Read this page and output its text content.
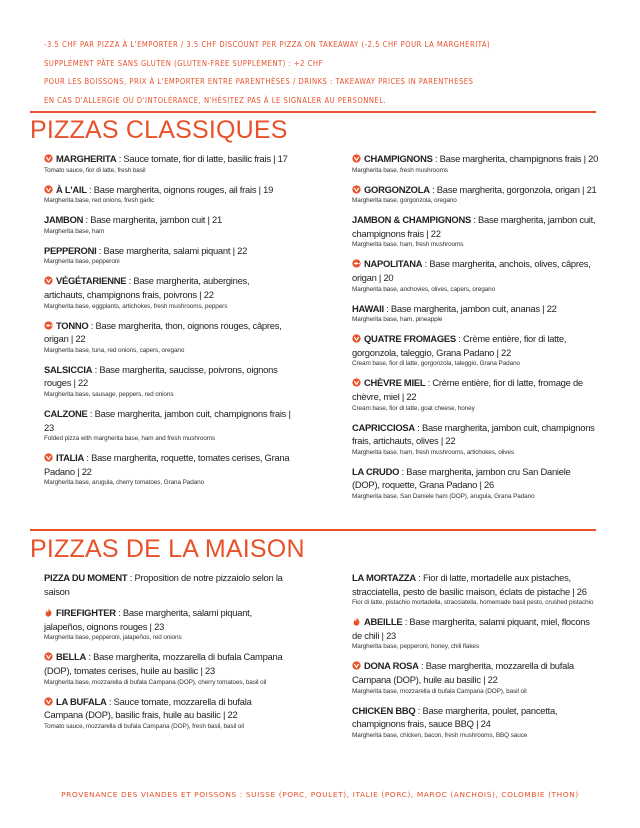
-3.5 CHF PAR PIZZA À L'EMPORTER / 3.5 CHF DISCOUNT PER PIZZA ON TAKEAWAY (-2.5 CHF POUR LA MARGHERITA)
SUPPLÉMENT PÂTE SANS GLUTEN (GLUTEN-FREE SUPPLEMENT) : +2 CHF
POUR LES BOISSONS, PRIX À L'EMPORTER ENTRE PARENTHÈSES / DRINKS : TAKEAWAY PRICES IN PARENTHESES
EN CAS D'ALLERGIE OU D'INTOLÉRANCE, N'HÉSITEZ PAS À LE SIGNALER AU PERSONNEL.
PIZZAS CLASSIQUES
MARGHERITA : Sauce tomate, fior di latte, basilic frais | 17
Tomato sauce, fior di latte, fresh basil
À L'AIL : Base margherita, oignons rouges, ail frais | 19
Margherita base, red onions, fresh garlic
JAMBON : Base margherita, jambon cuit | 21
Margherita base, ham
PEPPERONI : Base margherita, salami piquant | 22
Margherita base, pepperoni
VÉGÉTARIENNE : Base margherita, aubergines, artichauts, champignons frais, poivrons | 22
Margherita base, eggplants, artichokes, fresh mushrooms, peppers
TONNO : Base margherita, thon, oignons rouges, câpres, origan | 22
Margherita base, tuna, red onions, capers, oregano
SALSICCIA : Base margherita, saucisse, poivrons, oignons rouges | 22
Margherita base, sausage, peppers, red onions
CALZONE : Base margherita, jambon cuit, champignons frais | 23
Folded pizza with margherita base, ham and fresh mushrooms
ITALIA : Base margherita, roquette, tomates cerises, Grana Padano | 22
Margherita base, arugula, cherry tomatoes, Grana Padano
CHAMPIGNONS : Base margherita, champignons frais | 20
Margherita base, fresh mushrooms
GORGONZOLA : Base margherita, gorgonzola, origan | 21
Margherita base, gorgonzola, oregano
JAMBON & CHAMPIGNONS : Base margherita, jambon cuit, champignons frais | 22
Margherita base, ham, fresh mushrooms
NAPOLITANA : Base margherita, anchois, olives, câpres, origan | 20
Margherita base, anchovies, olives, capers, oregano
HAWAII : Base margherita, jambon cuit, ananas | 22
Margherita base, ham, pineapple
QUATRE FROMAGES : Crème entière, fior di latte, gorgonzola, taleggio, Grana Padano | 22
Cream base, fior di latte, gorgonzola, taleggio, Grana Padano
CHÈVRE MIEL : Crème entière, fior di latte, fromage de chèvre, miel | 22
Cream base, fior di latte, goat cheese, honey
CAPRICCIOSA : Base margherita, jambon cuit, champignons frais, artichauts, olives | 22
Margherita base, ham, fresh mushrooms, artichokes, olives
LA CRUDO : Base margherita, jambon cru San Daniele (DOP), roquette, Grana Padano | 26
Margherita base, San Daniele ham (DOP), arugula, Grana Padano
PIZZAS DE LA MAISON
PIZZA DU MOMENT : Proposition de notre pizzaiolo selon la saison
FIREFIGHTER : Base margherita, salami piquant, jalapeños, oignons rouges | 23
Margherita base, pepperoni, jalapeños, red onions
BELLA : Base margherita, mozzarella di bufala Campana (DOP), tomates cerises, huile au basilic | 23
Margherita base, mozzarella di bufala Campana (DOP), cherry tomatoes, basil oil
LA BUFALA : Sauce tomate, mozzarella di bufala Campana (DOP), basilic frais, huile au basilic | 22
Tomato sauce, mozzarella di bufala Campana (DOP), fresh basil, basil oil
LA MORTAZZA : Fior di latte, mortadelle aux pistaches, stracciatella, pesto de basilic maison, éclats de pistache | 26
Fior di latte, pistachio mortadella, stracciatella, homemade basil pesto, crushed pistachio
ABEILLE : Base margherita, salami piquant, miel, flocons de chili | 23
Margherita base, pepperoni, honey, chili flakes
DONA ROSA : Base margherita, mozzarella di bufala Campana (DOP), huile au basilic | 22
Margherita base, mozzarella di bufala Campana (DOP), basil oil
CHICKEN BBQ : Base margherita, poulet, pancetta, champignons frais, sauce BBQ | 24
Margherita base, chicken, bacon, fresh mushrooms, BBQ sauce
PROVENANCE DES VIANDES ET POISSONS : SUISSE (PORC, POULET), ITALIE (PORC), MAROC (ANCHOIS), COLOMBIE (THON)
